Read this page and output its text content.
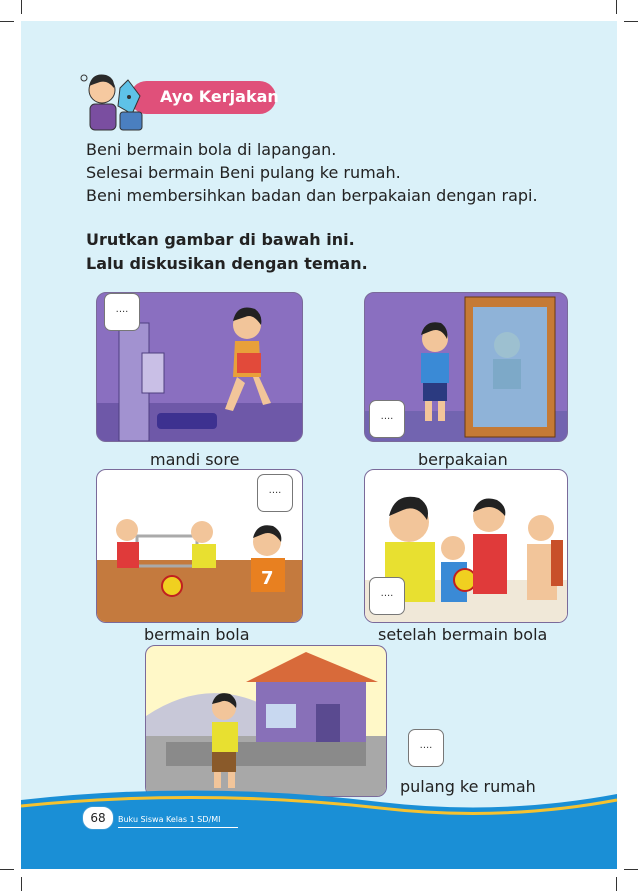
Ayo Kerjakan
Beni bermain bola di lapangan.
Selesai bermain Beni pulang ke rumah.
Beni membersihkan badan dan berpakaian dengan rapi.
Urutkan gambar di bawah ini.
Lalu diskusikan dengan teman.
....
mandi sore
....
berpakaian
7
....
bermain bola
....
setelah bermain bola
....
pulang ke rumah
68	Buku Siswa Kelas 1 SD/MI
